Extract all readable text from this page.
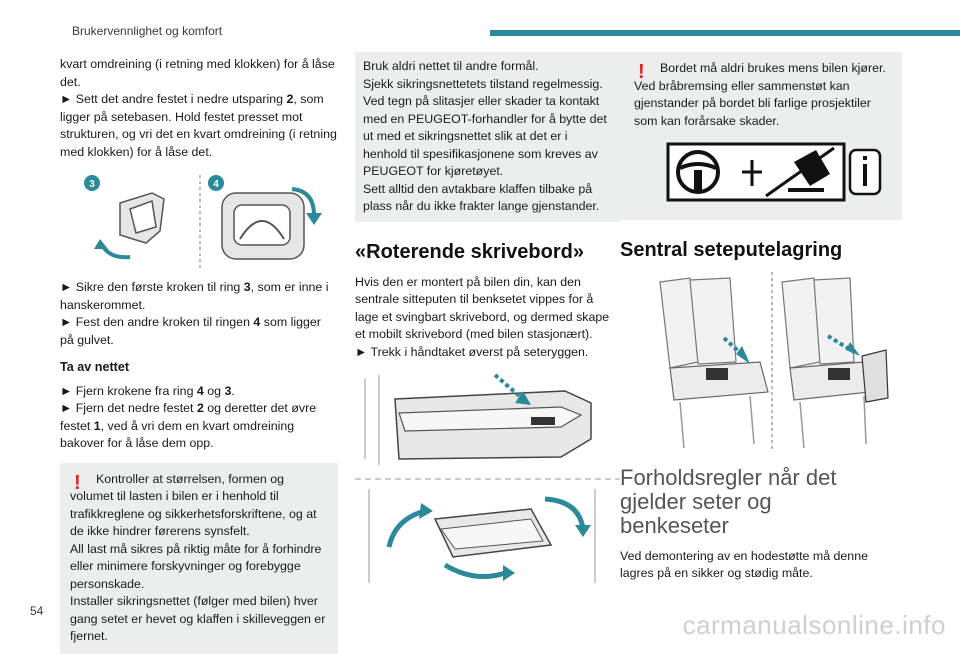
Brukervennlighet og komfort

kvart omdreining (i retning med klokken) for å låse det.

► Sett det andre festet i nedre utsparing 2, som ligger på setebasen. Hold festet presset mot strukturen, og vri det en kvart omdreining (i retning med klokken) for å låse det.

3	4

► Sikre den første kroken til ring 3, som er inne i hanskerommet.

► Fest den andre kroken til ringen 4 som ligger på gulvet.

Ta av nettet

► Fjern krokene fra ring 4 og 3.

► Fjern det nedre festet 2 og deretter det øvre festet 1, ved å vri dem en kvart omdreining bakover for å låse dem opp.

!	Kontroller at størrelsen, formen og volumet til lasten i bilen er i henhold til trafikkreglene og sikkerhetsforskriftene, og at de ikke hindrer førerens synsfelt.

All last må sikres på riktig måte for å forhindre eller minimere forskyvninger og forebygge personskade.

Installer sikringsnettet (følger med bilen) hver gang setet er hevet og klaffen i skilleveggen er fjernet.

Bruk aldri nettet til andre formål.

Sjekk sikringsnettetets tilstand regelmessig.

Ved tegn på slitasjer eller skader ta kontakt med en PEUGEOT-forhandler for å bytte det ut med et sikringsnettet slik at det er i henhold til spesifikasjonene som kreves av PEUGEOT for kjøretøyet.

Sett alltid den avtakbare klaffen tilbake på plass når du ikke frakter lange gjenstander.

«Roterende skrivebord»

Hvis den er montert på bilen din, kan den sentrale sitteputen til benksetet vippes for å lage et svingbart skrivebord, og dermed skape et mobilt skrivebord (med bilen stasjonært).

► Trekk i håndtaket øverst på seteryggen.

!	Bordet må aldri brukes mens bilen kjører. Ved bråbremsing eller sammenstøt kan gjenstander på bordet bli farlige prosjektiler som kan forårsake skader.

Sentral seteputelagring
Forholdsregler når det gjelder seter og benkeseter

Ved demontering av en hodestøtte må denne lagres på en sikker og stødig måte.

54	carmanualsonline.info
